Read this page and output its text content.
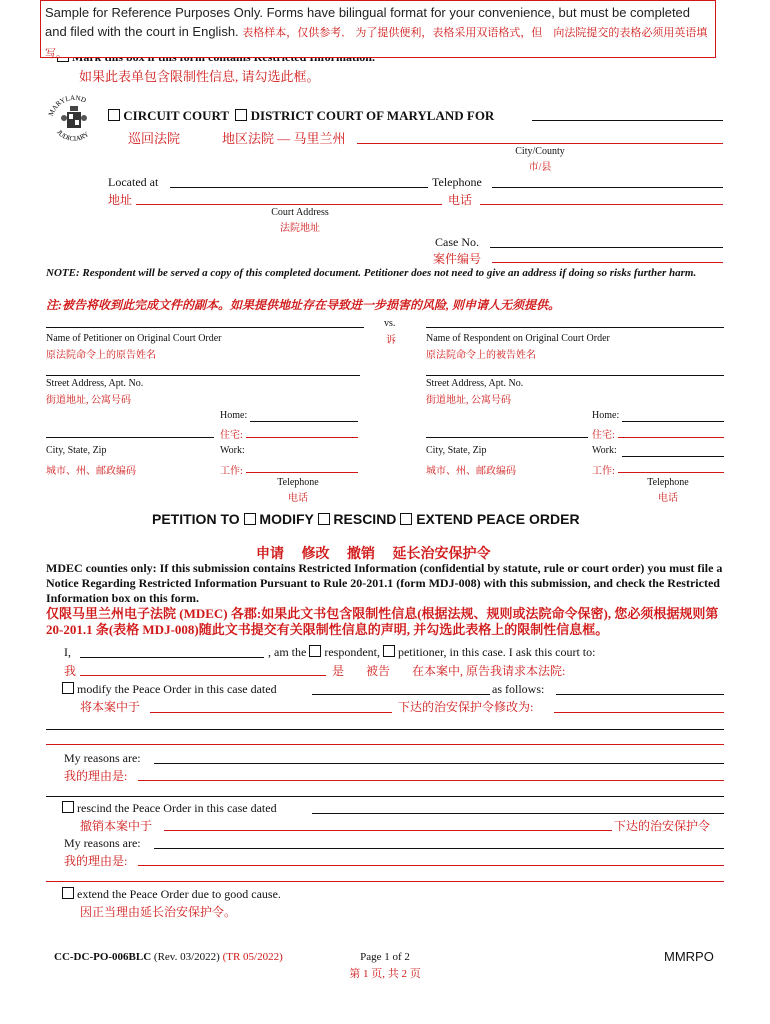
Sample for Reference Purposes Only. Forms have bilingual format for your convenience, but must be completed and filed with the court in English. 表格样本，仅供参考． 为了提供便利，表格采用双语格式，但　向法院提交的表格必须用英语填写。
如果此表单包含限制性信息, 请勾选此框。
MARYLAND
JUDICIARY
CIRCUIT COURT DISTRICT COURT OF MARYLAND FOR
巡回法院	地区法院 — 马里兰州
City/County
市/县
Located at	Telephone
地址	电话
Court Address
法院地址
Case No.
案件编号
NOTE: Respondent will be served a copy of this completed document. Petitioner does not need to give an address if doing so risks further harm.
注:被告将收到此完成文件的副本。如果提供地址存在导致进一步损害的风险, 则申请人无须提供。
vs.
诉
Name of Petitioner on Original Court Order
原法院命令上的原告姓名
Name of Respondent on Original Court Order
原法院命令上的被告姓名
Street Address, Apt. No.
街道地址, 公寓号码
Street Address, Apt. No.
街道地址, 公寓号码
Home:
住宅:
Home:
住宅:
City, State, Zip	Work:	City, State, Zip	Work:
城市、州、邮政编码	工作:	城市、州、邮政编码	工作:
Telephone
电话
Telephone
电话
PETITION TO MODIFY RESCIND EXTEND PEACE ORDER
申请 修改 撤销 延长治安保护令
MDEC counties only: If this submission contains Restricted Information (confidential by statute, rule or court order) you must file a Notice Regarding Restricted Information Pursuant to Rule 20-201.1 (form MDJ-008) with this submission, and check the Restricted Information box on this form.
仅限马里兰州电子法院 (MDEC) 各郡:如果此文书包含限制性信息(根据法规、规则或法院命令保密), 您必须根据规则第 20-201.1 条(表格 MDJ-008)随此文书提交有关限制性信息的声明, 并勾选此表格上的限制性信息框。
I,	, am the respondent, petitioner, in this case. I ask this court to:
我	是 被告 在本案中, 原告我请求本法院:
modify the Peace Order in this case dated	as follows:
将本案中于	下达的治安保护令修改为:
My reasons are:
我的理由是:
rescind the Peace Order in this case dated
撤销本案中于	下达的治安保护令
My reasons are:
我的理由是:
extend the Peace Order due to good cause.
因正当理由延长治安保护令。
CC-DC-PO-006BLC (Rev. 03/2022) (TR 05/2022)	Page 1 of 2
第 1 页, 共 2 页
MMRPO
